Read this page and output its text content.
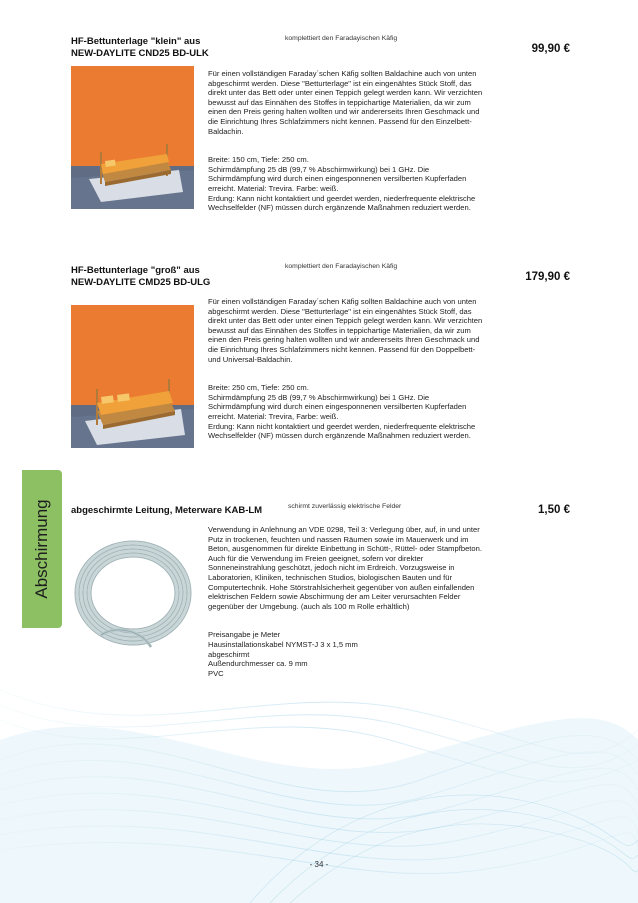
Abschirmung
HF-Bettunterlage "klein" aus
NEW-DAYLITE CND25 BD-ULK
komplettiert den Faradayischen Käfig
99,90 €

Für einen vollständigen Faraday´schen Käfig sollten Baldachine auch von unten abgeschirmt werden. Diese "Betturterlage" ist ein eingenähtes Stück Stoff, das direkt unter das Bett oder unter einen Teppich gelegt werden kann. Wir verzichten bewusst auf das Einnähen des Stoffes in teppichartige Materialien, da wir zum einen den Preis gering halten wollten und wir andererseits Ihren Geschmack und die Einrichtung Ihres Schlafzimmers nicht kennen. Passend für den Einzelbett-Baldachin.

Breite: 150 cm, Tiefe: 250 cm.

Schirmdämpfung 25 dB (99,7 % Abschirmwirkung) bei 1 GHz. Die Schirmdämpfung wird durch einen eingesponnenen versilberten Kupferfaden erreicht. Material: Trevira. Farbe: weiß.

Erdung: Kann nicht kontaktiert und geerdet werden, niederfrequente elektrische Wechselfelder (NF) müssen durch ergänzende Maßnahmen reduziert werden.

HF-Bettunterlage "groß" aus
NEW-DAYLITE CMD25 BD-ULG
komplettiert den Faradayischen Käfig
179,90 €

Für einen vollständigen Faraday´schen Käfig sollten Baldachine auch von unten abgeschirmt werden. Diese "Betturterlage" ist ein eingenähtes Stück Stoff, das direkt unter das Bett oder unter einen Teppich gelegt werden kann. Wir verzichten bewusst auf das Einnähen des Stoffes in teppichartige Materialien, da wir zum einen den Preis gering halten wollten und wir andererseits Ihren Geschmack und die Einrichtung Ihres Schlafzimmers nicht kennen. Passend für den Doppelbett- und Universal-Baldachin.

Breite: 250 cm, Tiefe: 250 cm.

Schirmdämpfung 25 dB (99,7 % Abschirmwirkung) bei 1 GHz. Die Schirmdämpfung wird durch einen eingesponnenen versilberten Kupferfaden erreicht. Material: Trevira, Farbe: weiß.

Erdung: Kann nicht kontaktiert und geerdet werden, niederfrequente elektrische Wechselfelder (NF) müssen durch ergänzende Maßnahmen reduziert werden.

abgeschirmte Leitung, Meterware KAB-LM	schirmt zuverlässig elektrische Felder	1,50 €

Verwendung in Anlehnung an VDE 0298, Teil 3: Verlegung über, auf, in und unter Putz in trockenen, feuchten und nassen Räumen sowie im Mauerwerk und im Beton, ausgenommen für direkte Einbettung in Schütt-, Rüttel- oder Stampfbeton. Auch für die Verwendung im Freien geeignet, sofern vor direkter Sonneneinstrahlung geschützt, jedoch nicht im Erdreich. Vorzugsweise in Laboratorien, Kliniken, technischen Studios, biologischen Bauten und für Computertechnik. Hohe Störstrahlsicherheit gegenüber von außen einfallenden elektrischen Feldern sowie Abschirmung der am Leiter verursachten Felder gegenüber der Umgebung. (auch als 100 m Rolle erhältlich)

Preisangabe je Meter

Hausinstallationskabel NYMST-J 3 x 1,5 mm

abgeschirmt

Außendurchmesser ca. 9 mm

PVC

- 34 -
